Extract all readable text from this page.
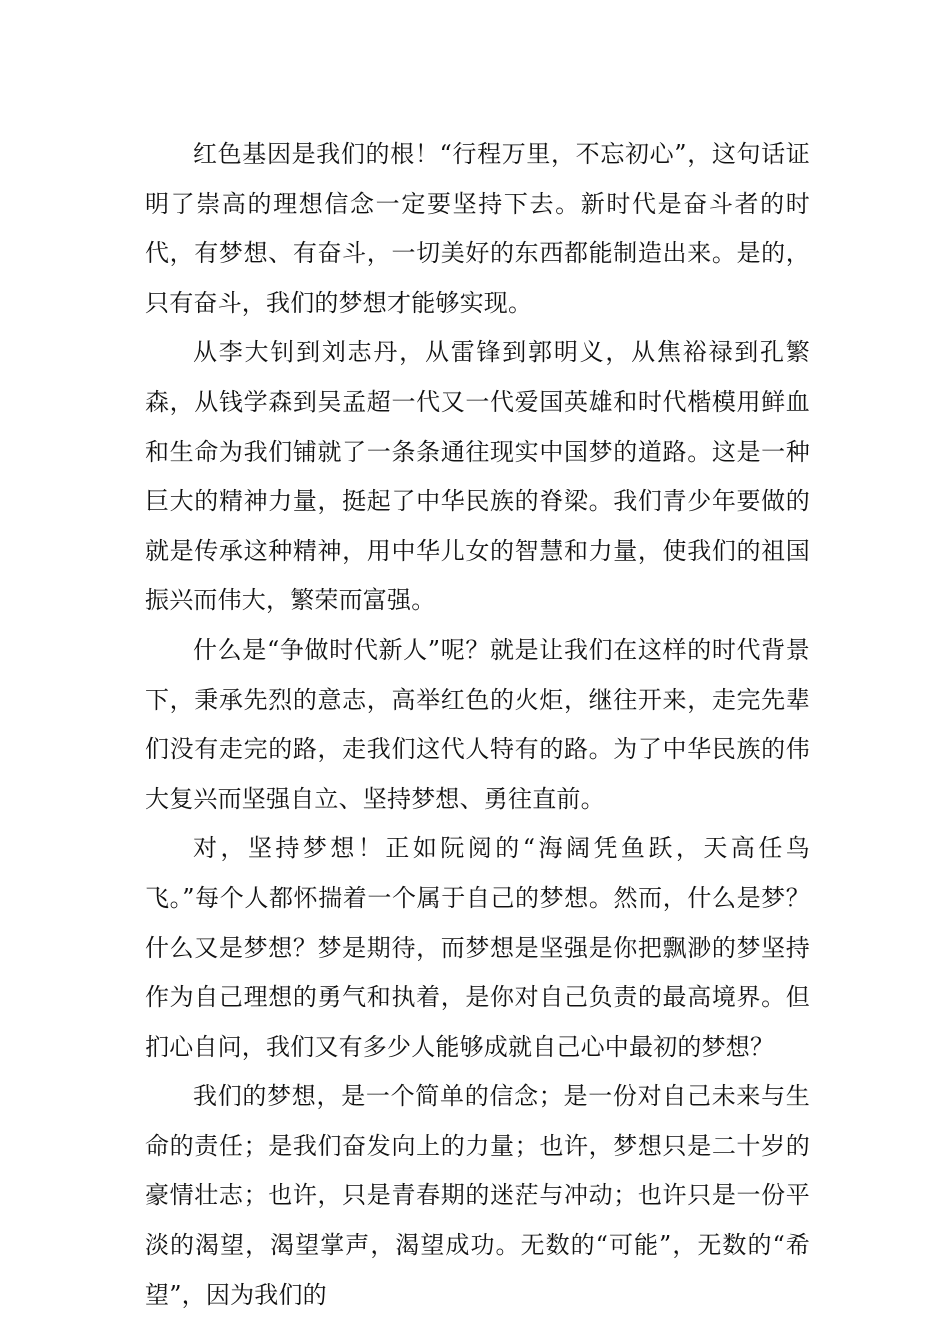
红色基因是我们的根！“行程万里，不忘初心”，这句话证明了崇高的理想信念一定要坚持下去。新时代是奋斗者的时代，有梦想、有奋斗，一切美好的东西都能制造出来。是的，只有奋斗，我们的梦想才能够实现。

从李大钊到刘志丹，从雷锋到郭明义，从焦裕禄到孔繁森，从钱学森到吴孟超一代又一代爱国英雄和时代楷模用鲜血和生命为我们铺就了一条条通往现实中国梦的道路。这是一种巨大的精神力量，挺起了中华民族的脊梁。我们青少年要做的就是传承这种精神，用中华儿女的智慧和力量，使我们的祖国振兴而伟大，繁荣而富强。

什么是“争做时代新人”呢？就是让我们在这样的时代背景下，秉承先烈的意志，高举红色的火炬，继往开来，走完先辈们没有走完的路，走我们这代人特有的路。为了中华民族的伟大复兴而坚强自立、坚持梦想、勇往直前。

对，坚持梦想！正如阮阅的“海阔凭鱼跃，天高任鸟飞。”每个人都怀揣着一个属于自己的梦想。然而，什么是梦？什么又是梦想？梦是期待，而梦想是坚强是你把飘渺的梦坚持作为自己理想的勇气和执着，是你对自己负责的最高境界。但扪心自问，我们又有多少人能够成就自己心中最初的梦想？

我们的梦想，是一个简单的信念；是一份对自己未来与生命的责任；是我们奋发向上的力量；也许，梦想只是二十岁的豪情壮志；也许，只是青春期的迷茫与冲动；也许只是一份平淡的渴望，渴望掌声，渴望成功。无数的“可能”，无数的“希望”，因为我们的
